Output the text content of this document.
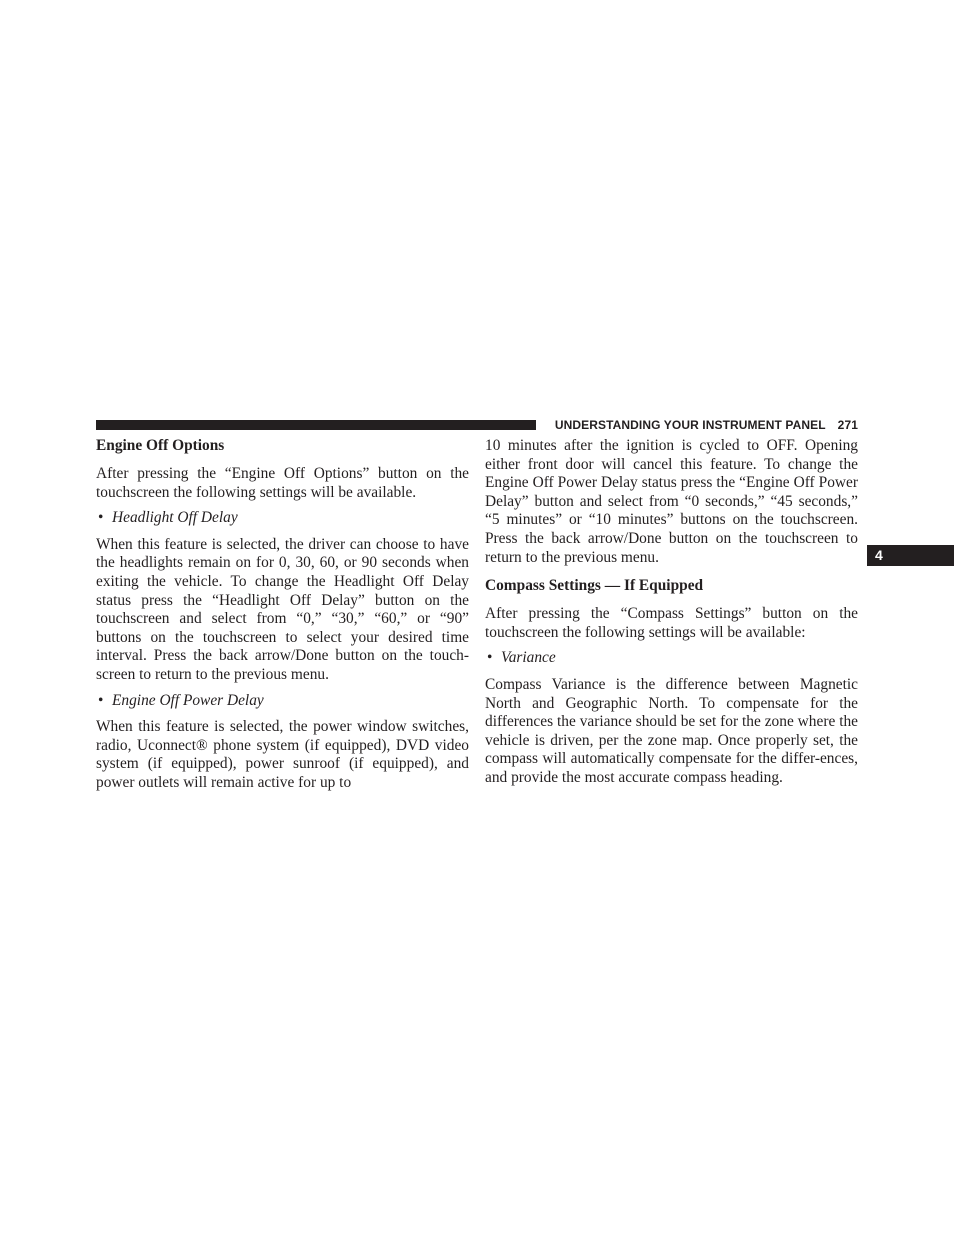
UNDERSTANDING YOUR INSTRUMENT PANEL 271
4
Engine Off Options

After pressing the “Engine Off Options” button on the touchscreen the following settings will be available.

• Headlight Off Delay

When this feature is selected, the driver can choose to have the headlights remain on for 0, 30, 60, or 90 seconds when exiting the vehicle. To change the Headlight Off Delay status press the “Headlight Off Delay” button on the touchscreen and select from “0,” “30,” “60,” or “90” buttons on the touchscreen to select your desired time interval. Press the back arrow/Done button on the touch-screen to return to the previous menu.

• Engine Off Power Delay

When this feature is selected, the power window switches, radio, Uconnect® phone system (if equipped), DVD video system (if equipped), power sunroof (if equipped), and power outlets will remain active for up to

10 minutes after the ignition is cycled to OFF. Opening either front door will cancel this feature. To change the Engine Off Power Delay status press the “Engine Off Power Delay” button and select from “0 seconds,” “45 seconds,” “5 minutes” or “10 minutes” buttons on the touchscreen. Press the back arrow/Done button on the touchscreen to return to the previous menu.

Compass Settings — If Equipped

After pressing the “Compass Settings” button on the touchscreen the following settings will be available:

• Variance

Compass Variance is the difference between Magnetic North and Geographic North. To compensate for the differences the variance should be set for the zone where the vehicle is driven, per the zone map. Once properly set, the compass will automatically compensate for the differ-ences, and provide the most accurate compass heading.
